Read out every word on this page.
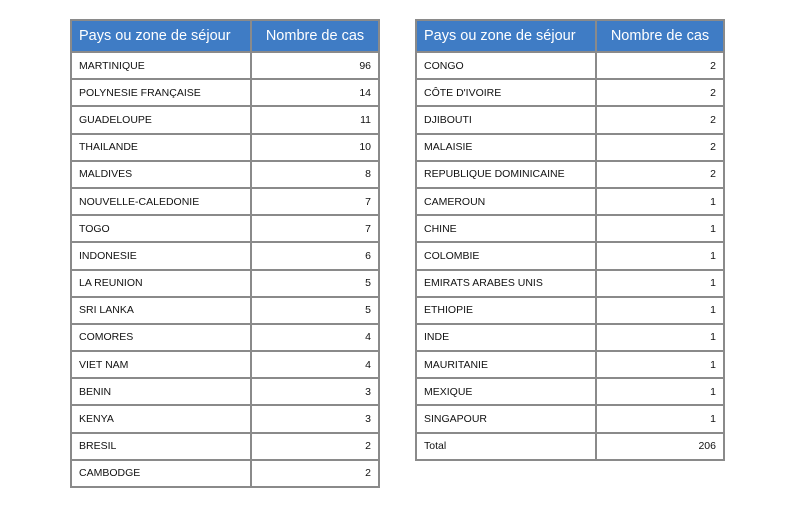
Pays ou zone de séjour	Nombre de cas
MARTINIQUE	96
POLYNESIE FRANÇAISE	14
GUADELOUPE	11
THAILANDE	10
MALDIVES	8
NOUVELLE-CALEDONIE	7
TOGO	7
INDONESIE	6
LA REUNION	5
SRI LANKA	5
COMORES	4
VIET NAM	4
BENIN	3
KENYA	3
BRESIL	2
CAMBODGE	2
Pays ou zone de séjour	Nombre de cas
CONGO	2
CÔTE D'IVOIRE	2
DJIBOUTI	2
MALAISIE	2
REPUBLIQUE DOMINICAINE	2
CAMEROUN	1
CHINE	1
COLOMBIE	1
EMIRATS ARABES UNIS	1
ETHIOPIE	1
INDE	1
MAURITANIE	1
MEXIQUE	1
SINGAPOUR	1
Total	206
